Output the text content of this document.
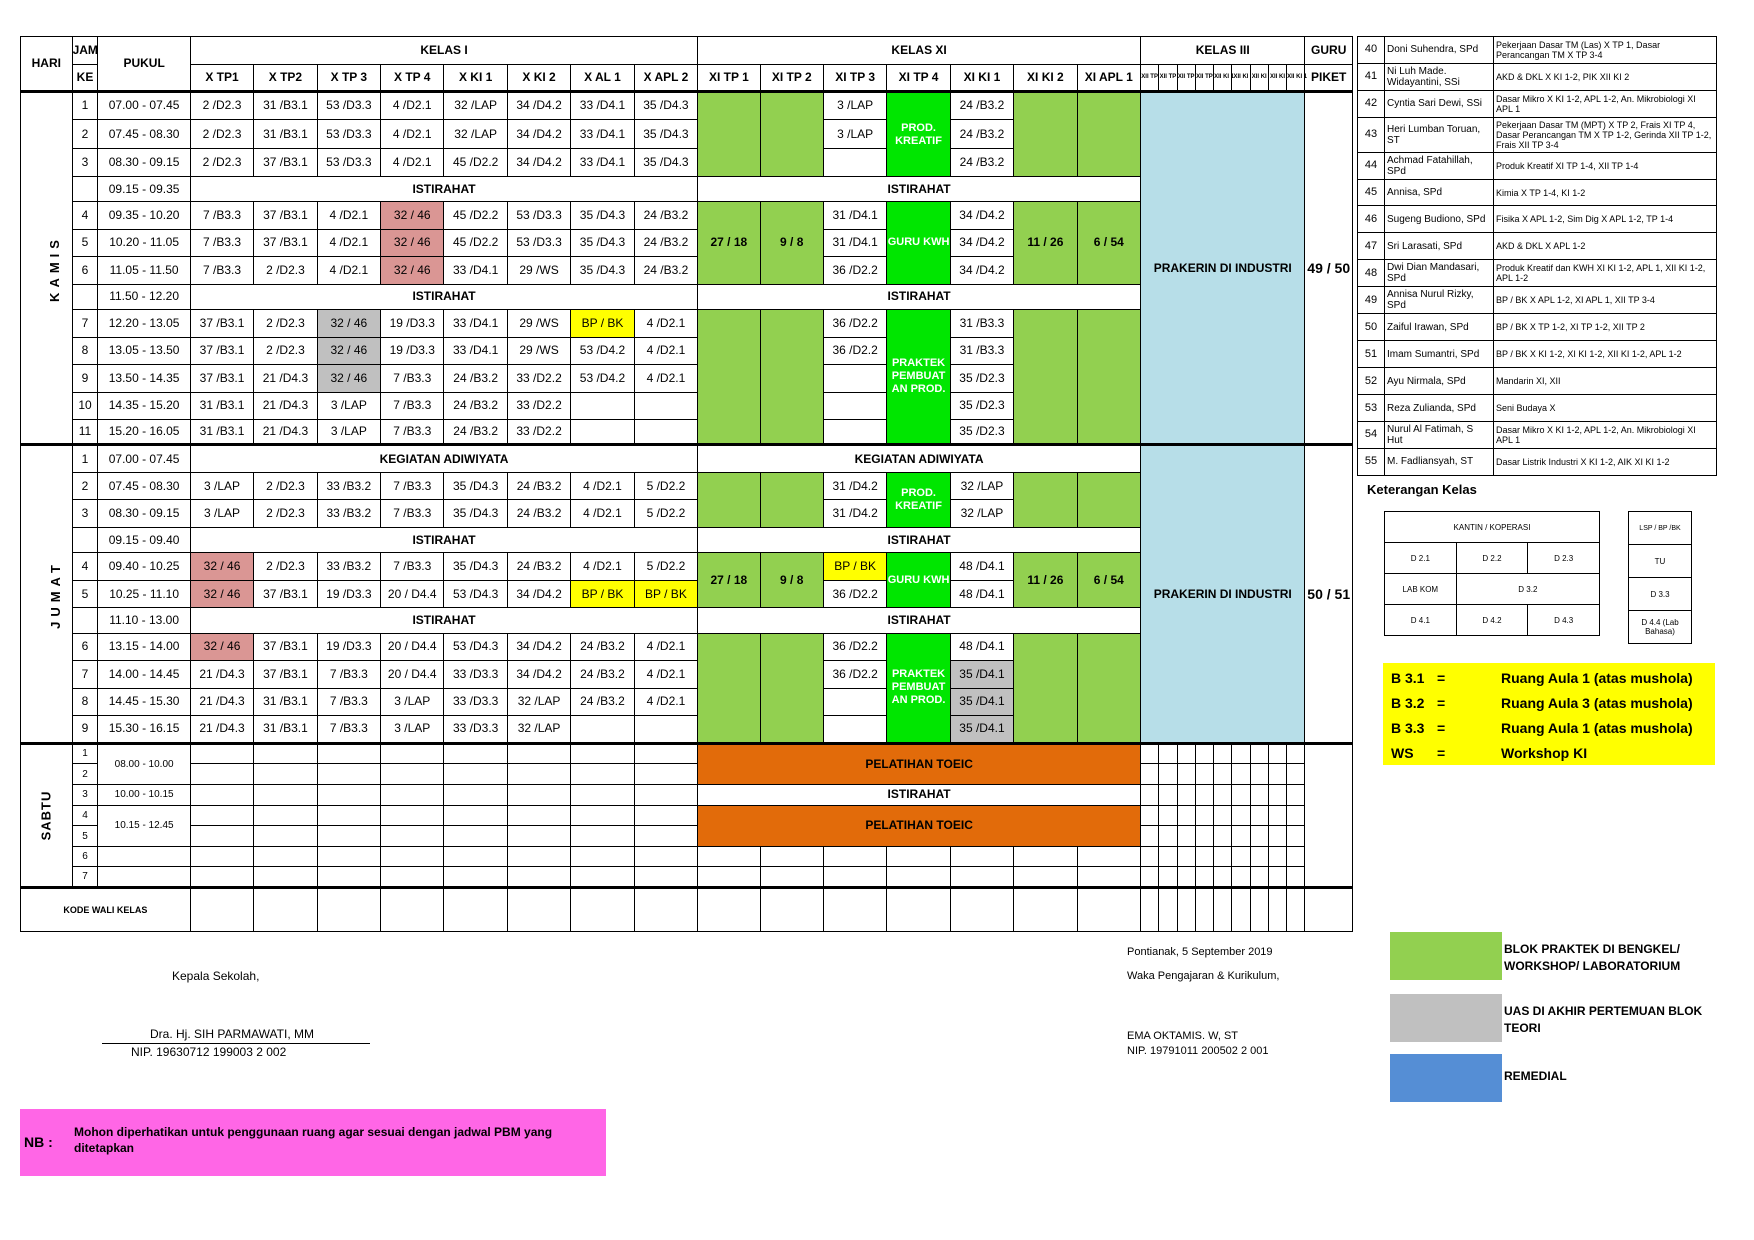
HARI	JAM	PUKUL	KELAS I								KELAS XI							KELAS III									GURU
	KE		X TP1	X TP2	X TP 3	X TP 4	X KI 1	X KI 2	X AL 1	X APL 2	XI TP 1	XI TP 2	XI TP 3	XI TP 4	XI KI 1	XI KI 2	XI APL 1	XII TP	XII TP	XII TP	XII TP	XII KI 1	XII KI	XII KI	XII KI	XII KI 1	PIKET
KAMIS	1	07.00 - 07.45	2 /D2.3	31 /B3.1	53 /D3.3	4 /D2.1	32 /LAP	34 /D4.2	33 /D4.1	35 /D4.3			3 /LAP	PROD. KREATIF	24 /B3.2			PRAKERIN DI INDUSTRI									49 / 50
	2	07.45 - 08.30	2 /D2.3	31 /B3.1	53 /D3.3	4 /D2.1	32 /LAP	34 /D4.2	33 /D4.1	35 /D4.3			3 /LAP		24 /B3.2												
	3	08.30 - 09.15	2 /D2.3	37 /B3.1	53 /D3.3	4 /D2.1	45 /D2.2	34 /D4.2	33 /D4.1	35 /D4.3					24 /B3.2												
		09.15 - 09.35	ISTIRAHAT								ISTIRAHAT																
	4	09.35 - 10.20	7 /B3.3	37 /B3.1	4 /D2.1	32 / 46	45 /D2.2	53 /D3.3	35 /D4.3	24 /B3.2	27 / 18	9 / 8	31 /D4.1	GURU KWH	34 /D4.2	11 / 26	6 / 54										
	5	10.20 - 11.05	7 /B3.3	37 /B3.1	4 /D2.1	32 / 46	45 /D2.2	53 /D3.3	35 /D4.3	24 /B3.2			31 /D4.1		34 /D4.2												
	6	11.05 - 11.50	7 /B3.3	2 /D2.3	4 /D2.1	32 / 46	33 /D4.1	29 /WS	35 /D4.3	24 /B3.2			36 /D2.2		34 /D4.2												
		11.50 - 12.20	ISTIRAHAT								ISTIRAHAT																
	7	12.20 - 13.05	37 /B3.1	2 /D2.3	32 / 46	19 /D3.3	33 /D4.1	29 /WS	BP / BK	4 /D2.1			36 /D2.2	PRAKTEK PEMBUAT AN PROD.	31 /B3.3												
	8	13.05 - 13.50	37 /B3.1	2 /D2.3	32 / 46	19 /D3.3	33 /D4.1	29 /WS	53 /D4.2	4 /D2.1			36 /D2.2		31 /B3.3												
	9	13.50 - 14.35	37 /B3.1	21 /D4.3	32 / 46	7 /B3.3	24 /B3.2	33 /D2.2	53 /D4.2	4 /D2.1					35 /D2.3												
	10	14.35 - 15.20	31 /B3.1	21 /D4.3	3 /LAP	7 /B3.3	24 /B3.2	33 /D2.2							35 /D2.3												
	11	15.20 - 16.05	31 /B3.1	21 /D4.3	3 /LAP	7 /B3.3	24 /B3.2	33 /D2.2							35 /D2.3												
JUMAT	1	07.00 - 07.45	KEGIATAN ADIWIYATA								KEGIATAN ADIWIYATA							PRAKERIN DI INDUSTRI									50 / 51
	2	07.45 - 08.30	3 /LAP	2 /D2.3	33 /B3.2	7 /B3.3	35 /D4.3	24 /B3.2	4 /D2.1	5 /D2.2			31 /D4.2	PROD. KREATIF	32 /LAP												
	3	08.30 - 09.15	3 /LAP	2 /D2.3	33 /B3.2	7 /B3.3	35 /D4.3	24 /B3.2	4 /D2.1	5 /D2.2			31 /D4.2		32 /LAP												
		09.15 - 09.40	ISTIRAHAT								ISTIRAHAT																
	4	09.40 - 10.25	32 / 46	2 /D2.3	33 /B3.2	7 /B3.3	35 /D4.3	24 /B3.2	4 /D2.1	5 /D2.2	27 / 18	9 / 8	BP / BK	GURU KWH	48 /D4.1	11 / 26	6 / 54										
	5	10.25 - 11.10	32 / 46	37 /B3.1	19 /D3.3	20 / D4.4	53 /D4.3	34 /D4.2	BP / BK	BP / BK			36 /D2.2		48 /D4.1												
		11.10 - 13.00	ISTIRAHAT								ISTIRAHAT																
	6	13.15 - 14.00	32 / 46	37 /B3.1	19 /D3.3	20 / D4.4	53 /D4.3	34 /D4.2	24 /B3.2	4 /D2.1			36 /D2.2	PRAKTEK PEMBUAT AN PROD.	48 /D4.1												
	7	14.00 - 14.45	21 /D4.3	37 /B3.1	7 /B3.3	20 / D4.4	33 /D3.3	34 /D4.2	24 /B3.2	4 /D2.1			36 /D2.2		35 /D4.1												
	8	14.45 - 15.30	21 /D4.3	31 /B3.1	7 /B3.3	3 /LAP	33 /D3.3	32 /LAP	24 /B3.2	4 /D2.1					35 /D4.1												
	9	15.30 - 16.15	21 /D4.3	31 /B3.1	7 /B3.3	3 /LAP	33 /D3.3	32 /LAP							35 /D4.1												
SABTU	1	08.00 - 10.00									PELATIHAN TOEIC																
	2																										
	3	10.00 - 10.15									ISTIRAHAT																
	4	10.15 - 12.45									PELATIHAN TOEIC																
	5																										
	6																										
	7																										
KODE WALI KELAS																											
40	Doni Suhendra, SPd	Pekerjaan Dasar TM (Las) X TP 1, Dasar Perancangan TM X TP 3-4
41	Ni Luh Made. Widayantini, SSi	AKD & DKL X KI 1-2, PIK XII KI 2
42	Cyntia Sari Dewi, SSi	Dasar Mikro X KI 1-2, APL 1-2, An. Mikrobiologi XI APL 1
43	Heri Lumban Toruan, ST	Pekerjaan Dasar TM (MPT) X TP 2, Frais XI TP 4, Dasar Perancangan TM X TP 1-2, Gerinda XII TP 1-2, Frais XII TP 3-4
44	Achmad Fatahillah, SPd	Produk Kreatif XI TP 1-4, XII TP 1-4
45	Annisa, SPd	Kimia X TP 1-4, KI 1-2
46	Sugeng Budiono, SPd	Fisika X APL 1-2, Sim Dig X APL 1-2, TP 1-4
47	Sri Larasati, SPd	AKD & DKL X APL 1-2
48	Dwi Dian Mandasari, SPd	Produk Kreatif dan KWH XI KI 1-2, APL 1, XII KI 1-2, APL 1-2
49	Annisa Nurul Rizky, SPd	BP / BK X APL 1-2, XI APL 1, XII TP 3-4
50	Zaiful Irawan, SPd	BP / BK X TP 1-2, XI TP 1-2, XII TP 2
51	Imam Sumantri, SPd	BP / BK X KI 1-2, XI KI 1-2, XII KI 1-2, APL 1-2
52	Ayu Nirmala, SPd	Mandarin XI, XII
53	Reza Zulianda, SPd	Seni Budaya X
54	Nurul Al Fatimah, S Hut	Dasar Mikro X KI 1-2, APL 1-2, An. Mikrobiologi XI APL 1
55	M. Fadliansyah, ST	Dasar Listrik Industri X KI 1-2, AIK XI KI 1-2
Keterangan Kelas
KANTIN / KOPERASI		
D 2.1	D 2.2	D 2.3
LAB KOM	D 3.2	
D 4.1	D 4.2	D 4.3
LSP / BP /BK
TU
D 3.3
D 4.4 (Lab Bahasa)
B 3.1 =	Ruang Aula 1 (atas mushola)
B 3.2 =	Ruang Aula 3 (atas mushola)
B 3.3 =	Ruang Aula 1 (atas mushola)
WS =	Workshop KI
BLOK PRAKTEK DI BENGKEL/ WORKSHOP/ LABORATORIUM
UAS DI AKHIR PERTEMUAN BLOK TEORI
REMEDIAL
Kepala Sekolah,
Dra. Hj. SIH PARMAWATI, MM
NIP. 19630712 199003 2 002
Pontianak, 5 September 2019
Waka Pengajaran & Kurikulum,
EMA OKTAMIS. W, ST
NIP. 19791011 200502 2 001
NB :
Mohon diperhatikan untuk penggunaan ruang agar sesuai dengan jadwal PBM yang ditetapkan
